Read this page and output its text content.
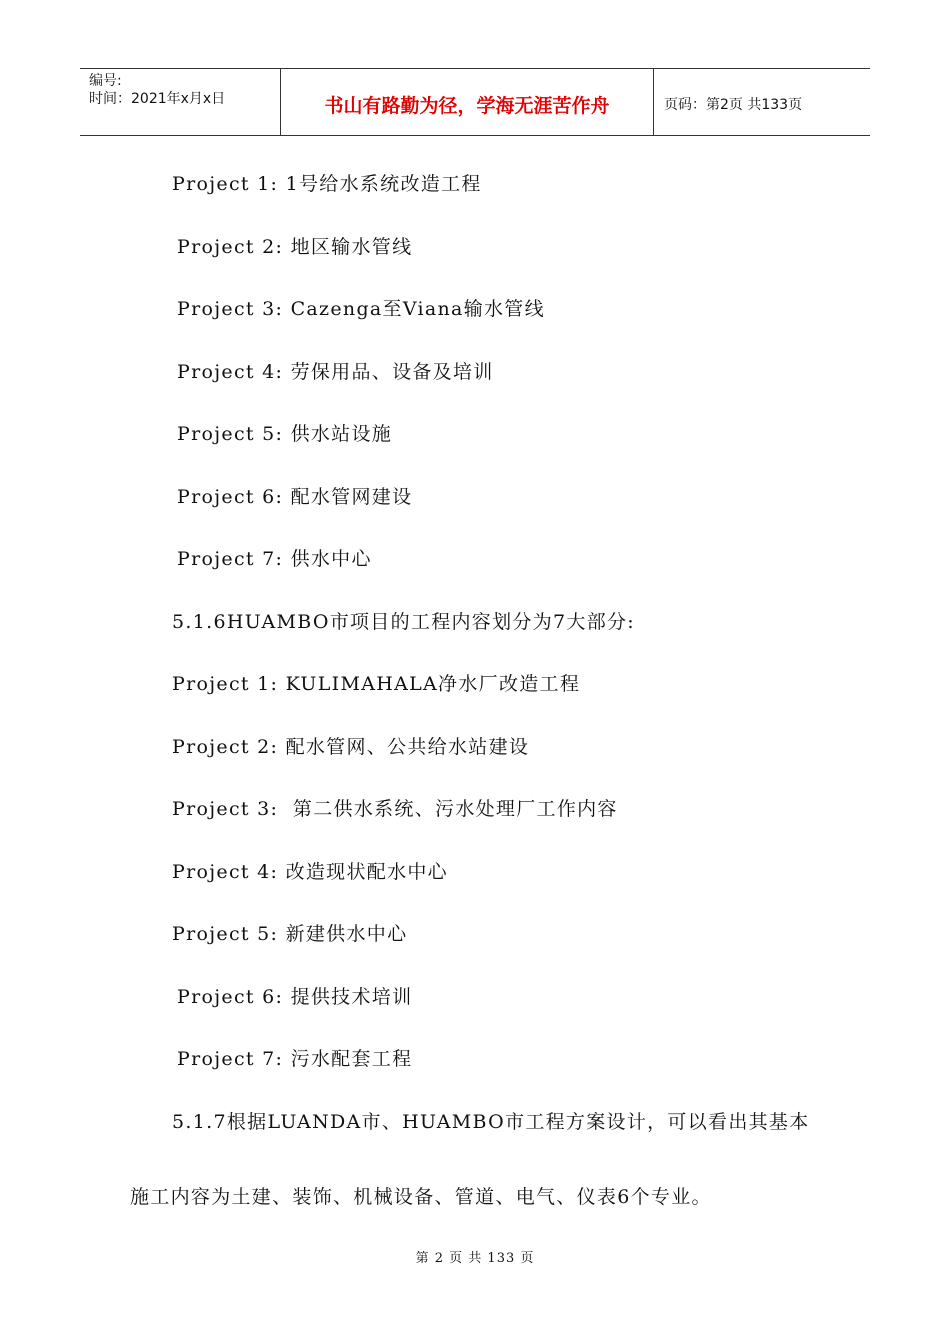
编号:
时间：2021年x月x日	书山有路勤为径，学海无涯苦作舟	页码：第2页 共133页
Project 1: 1号给水系统改造工程
Project 2: 地区输水管线
Project 3: Cazenga至Viana输水管线
Project 4: 劳保用品、设备及培训
Project 5: 供水站设施
Project 6: 配水管网建设
Project 7: 供水中心
5.1.6HUAMBO市项目的工程内容划分为7大部分:
Project 1: KULIMAHALA净水厂改造工程
Project 2: 配水管网、公共给水站建设
Project 3:  第二供水系统、污水处理厂工作内容
Project 4: 改造现状配水中心
Project 5: 新建供水中心
Project 6: 提供技术培训
Project 7: 污水配套工程
5.1.7根据LUANDA市、HUAMBO市工程方案设计，可以看出其基本
施工内容为土建、装饰、机械设备、管道、电气、仪表6个专业。
第 2 页 共 133 页
